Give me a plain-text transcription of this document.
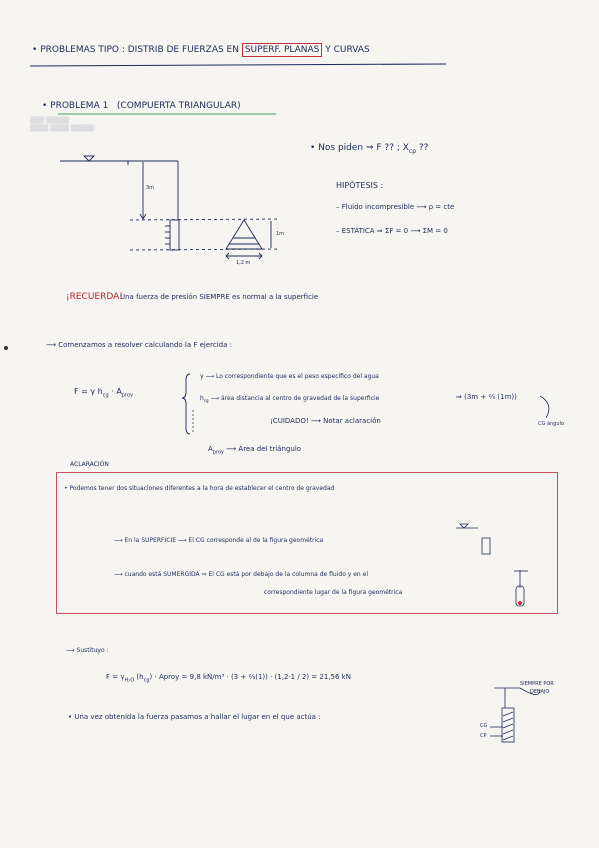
▒▒▒ ▒▒▒▒▒
▒▒▒▒ ▒▒▒▒ ▒▒▒▒▒
• PROBLEMAS TIPO : DISTRIB DE FUERZAS EN SUPERF. PLANAS Y CURVAS
• PROBLEMA 1 (COMPUERTA TRIANGULAR)
3m
1m
1,2 m
• Nos piden ⇒ F ?? ; $X_{cp}$ ??
HIPÓTESIS :
– Fluido incompresible ⟶ ρ = cte
– ESTÁTICA ⇒ ΣF = 0 ⟶ ΣM = 0
¡RECUERDA!
Una fuerza de presión SIEMPRE es normal a la superficie
⟶ Comenzamos a resolver calculando la F ejercida :
F = γ $h_{cg} \cdot A_{proy}$
γ ⟶ Lo correspondiente que es el peso específico del agua
$h_{cg}$ ⟶ área distancia al centro de gravedad de la superficie	⇒ (3m + ⅔ (1m))
¡CUIDADO! ⟶ Notar aclaración	CG ángulo
$A_{proy}$ ⟶ Área del triángulo
ACLARACIÓN
• Podemos tener dos situaciones diferentes a la hora de establecer el centro de gravedad
⟶ En la SUPERFICIE ⟶ El CG corresponde al de la figura geométrica
⟶ cuando está SUMERGIDA ⇒ El CG está por debajo de la columna de fluido y en el
correspondiente lugar de la figura geométrica
⟶ Sustituyo :
$F = \gamma_{H_2O}$ $(h_{cg})$ · Aproy = 9,8 kN/m³ · (3 + ⅔(1)) · (1,2·1 / 2) = 21,56 kN
SIEMPRE POR
DEBAJO
CG
CP
• Una vez obtenida la fuerza pasamos a hallar el lugar en el que actúa :
